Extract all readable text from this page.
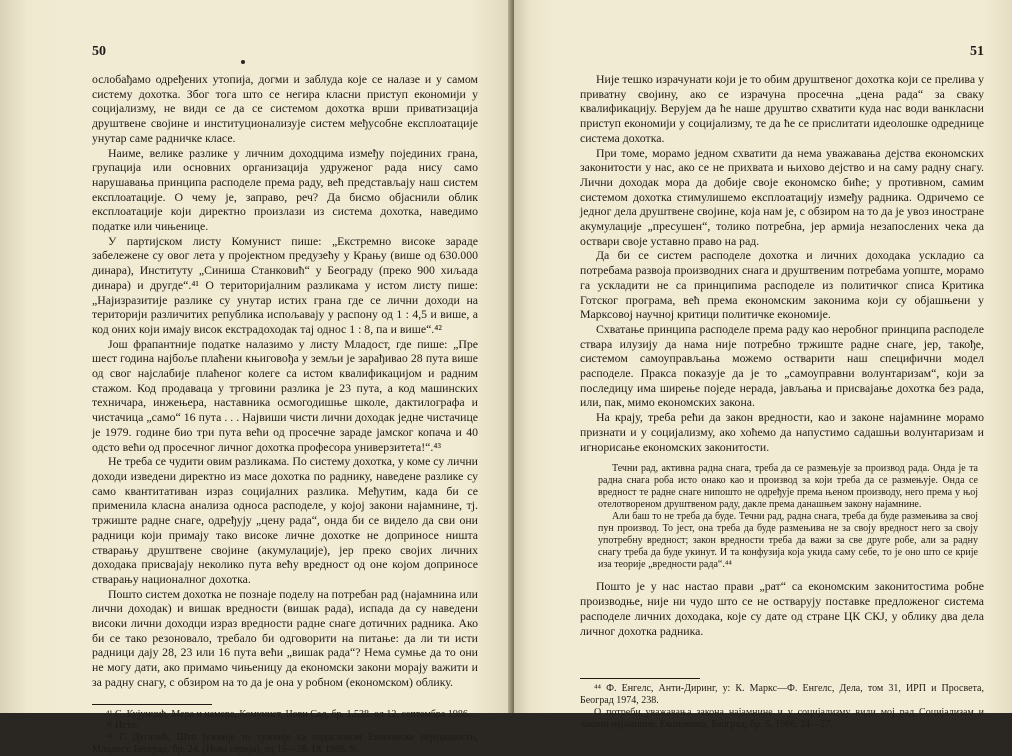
50

ослобађамо одређених утопија, догми и заблуда које се налазе и у самом систему дохотка. Због тога што се негира класни приступ економији у социјализму, не види се да се системом дохотка врши приватизација друштвене својине и институционализује систем међусобне експлоатације унутар саме радничке класе.

Наиме, велике разлике у личним доходцима између појединих грана, групација или основних организација удруженог рада нису само нарушавања принципа расподеле према раду, већ представљају наш систем експлоатације. О чему је, заправо, реч? Да бисмо објаснили облик експлоатације који директно произлази из система дохотка, наведимо податке или чињенице.

У партијском листу Комунист пише: „Екстремно високе зараде забележене су овог лета у пројектном предузећу у Крању (више од 630.000 динара), Институту „Синиша Станковић“ у Београду (преко 900 хиљада динара) и другде“.⁴¹ О територијалним разликама у истом листу пише: „Најизразитије разлике су унутар истих грана где се лични доходи на територији различитих република испољавају у распону од 1 : 4,5 и више, а код оних који имају висок екстрадоходак тај однос 1 : 8, па и више“.⁴²

Још фрапантније податке налазимо у листу Младост, где пише: „Пре шест година најбоље плаћени књиговођа у земљи је зарађивао 28 пута више од свог најслабије плаћеног колеге са истом квалификацијом и радним стажом. Код продаваца у трговини разлика је 23 пута, а код машинских техничара, инжењера, наставника осмогодишње школе, дактилографа и чистачица „само“ 16 пута . . . Највиши чисти лични доходак једне чистачице је 1979. године био три пута већи од просечне зараде јамског копача и 40 одсто већи од просечног личног дохотка професора универзитета!“.⁴³

Не треба се чудити овим разликама. По систему дохотка, у коме су лични доходи изведени директно из масе дохотка по раднику, наведене разлике су само квантитативан израз социјалних разлика. Међутим, када би се применила класна анализа односа расподеле, у којој закони најамнине, тј. тржиште радне снаге, одређују „цену рада“, онда би се видело да сви они радници који примају тако високе личне дохотке не доприносе ништа стварању друштвене својине (акумулације), јер преко својих личних доходака присвајају неколико пута већу вредност од оне којом доприносе стварању националног дохотка.

Пошто систем дохотка не познаје поделу на потребан рад (најамнина или лични доходак) и вишак вредности (вишак рада), испада да су наведени високи лични доходци израз вредности радне снаге дотичних радника. Ако би се тако резоновало, требало би одговорити на питање: да ли ти исти радници дају 28, 23 или 16 пута већи „вишак рада“? Нема сумње да то они не могу дати, ако примамо чињеницу да економски закони морају важити и за радну снагу, с обзиром на то да је она у робном (економском) облику.

⁴¹ С. Кујунџић, Мера и намере, Комунист, Нови Сад, бр. 1.538. од 12. септембра 1986.

⁴² Исто.

⁴³ Г. Дугалић, Што јужније то тужније са надасловом Економске неједнакости, Младост, Београд, бр. 24. (Нова серија), од 15—28. IX 1986, 9.

51

Није тешко израчунати који је то обим друштвеног дохотка који се прелива у приватну својину, ако се израчуна просечна „цена рада“ за сваку квалификацију. Верујем да ће наше друштво схватити куда нас води ванкласни приступ економији у социјализму, те да ће се прислитати идеолошке одреднице система дохотка.

При томе, морамо једном схватити да нема уважавања дејства економских законитости у нас, ако се не прихвата и њихово дејство и на саму радну снагу. Лични доходак мора да добије своје економско биће; у противном, самим системом дохотка стимулишемо експлоатацију између радника. Одричемо се једног дела друштвене својине, која нам је, с обзиром на то да је увоз иностране акумулације „пресушен“, толико потребна, јер армија незапослених чека да оствари своје уставно право на рад.

Да би се систем расподеле дохотка и личних доходака ускладио са потребама развоја производних снага и друштвеним потребама уопште, морамо га ускладити не са принципима расподеле из политичког списа Критика Готског програма, већ према економским законима који су објашњени у Марксовој научној критици политичке економије.

Схватање принципа расподеле према раду као неробног принципа расподеле ствара илузију да нама није потребно тржиште радне снаге, јер, такође, системом самоуправљања можемо остварити наш специфични модел расподеле. Пракса показује да је то „самоуправни волунтаризам“, који за последицу има ширење поједе нерада, јављања и присвајање дохотка без рада, или, пак, мимо економских закона.

На крају, треба рећи да закон вредности, као и законе најамнине морамо признати и у социјализму, ако хоћемо да напустимо садашњи волунтаризам и игнорисање економских законитости.

Течни рад, активна радна снага, треба да се размењује за производ рада. Онда је та радна снага роба исто онако као и производ за који треба да се размењује. Онда се вредност те радне снаге нипошто не одређује према њеном производу, него према у њој отелотвореном друштвеном раду, дакле према данашњем закону најамнине.

Али баш то не треба да буде. Течни рад, радна снага, треба да буде размењива за свој пун производ. То јест, она треба да буде размењива не за своју вредност него за своју употребну вредност; закон вредности треба да важи за све друге робе, али за радну снагу треба да буде укинут. И та конфузија која укида саму себе, то је оно што се крије иза теорије „вредности рада“.⁴⁴

Пошто је у нас настао прави „рат“ са економским законитостима робне производње, није ни чудо што се не остварују поставке предложеног система расподеле личних доходака, које су дате од стране ЦК СКЈ, у облику два дела личног дохотка радника.

⁴⁴ Ф. Енгелс, Анти-Диринг, у: К. Маркс—Ф. Енгелс, Дела, том 31, ИРП и Просвета, Београд 1974, 238.

О потреби уважавања закона најамнине и у социјализму види мој рад Социјализам и закони најамнине, Економика, Београд, бр. 5, 1986, 24—27.
